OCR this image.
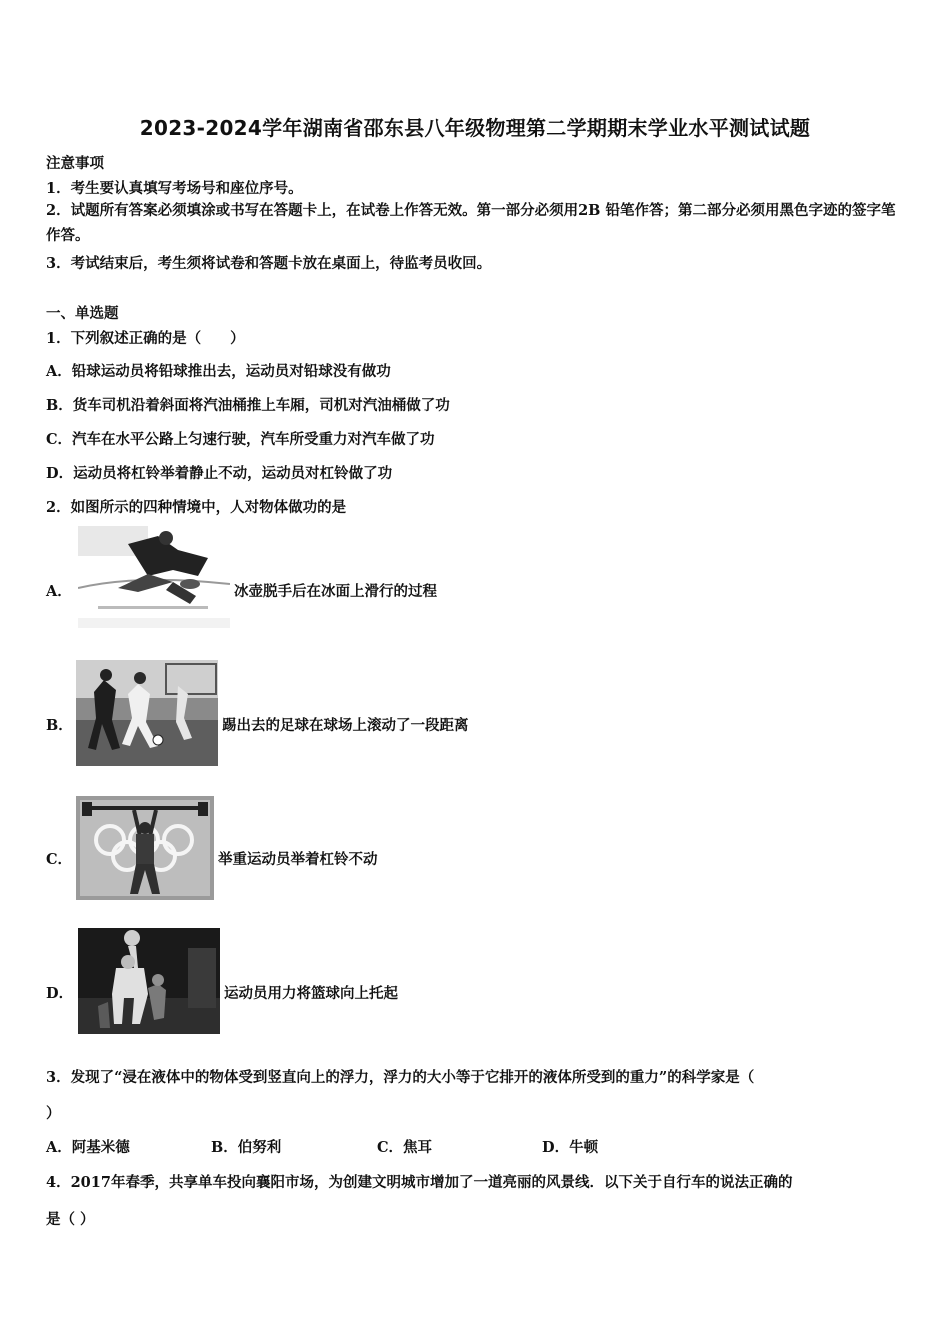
2023-2024学年湖南省邵东县八年级物理第二学期期末学业水平测试试题
注意事项
1．考生要认真填写考场号和座位序号。
2．试题所有答案必须填涂或书写在答题卡上，在试卷上作答无效。第一部分必须用2B 铅笔作答；第二部分必须用黑色字迹的签字笔作答。
3．考试结束后，考生须将试卷和答题卡放在桌面上，待监考员收回。
一、单选题
1．下列叙述正确的是（　　）
A．铅球运动员将铅球推出去，运动员对铅球没有做功
B．货车司机沿着斜面将汽油桶推上车厢，司机对汽油桶做了功
C．汽车在水平公路上匀速行驶，汽车所受重力对汽车做了功
D．运动员将杠铃举着静止不动，运动员对杠铃做了功
2．如图所示的四种情境中，人对物体做功的是
A．	冰壶脱手后在冰面上滑行的过程
B．	踢出去的足球在球场上滚动了一段距离
C．	举重运动员举着杠铃不动
D．	运动员用力将篮球向上托起
3．发现了“浸在液体中的物体受到竖直向上的浮力，浮力的大小等于它排开的液体所受到的重力”的科学家是（
）
A．阿基米德	B．伯努利	C．焦耳	D．牛顿
4．2017年春季，共享单车投向襄阳市场，为创建文明城市增加了一道亮丽的风景线．以下关于自行车的说法正确的
是（ ）
